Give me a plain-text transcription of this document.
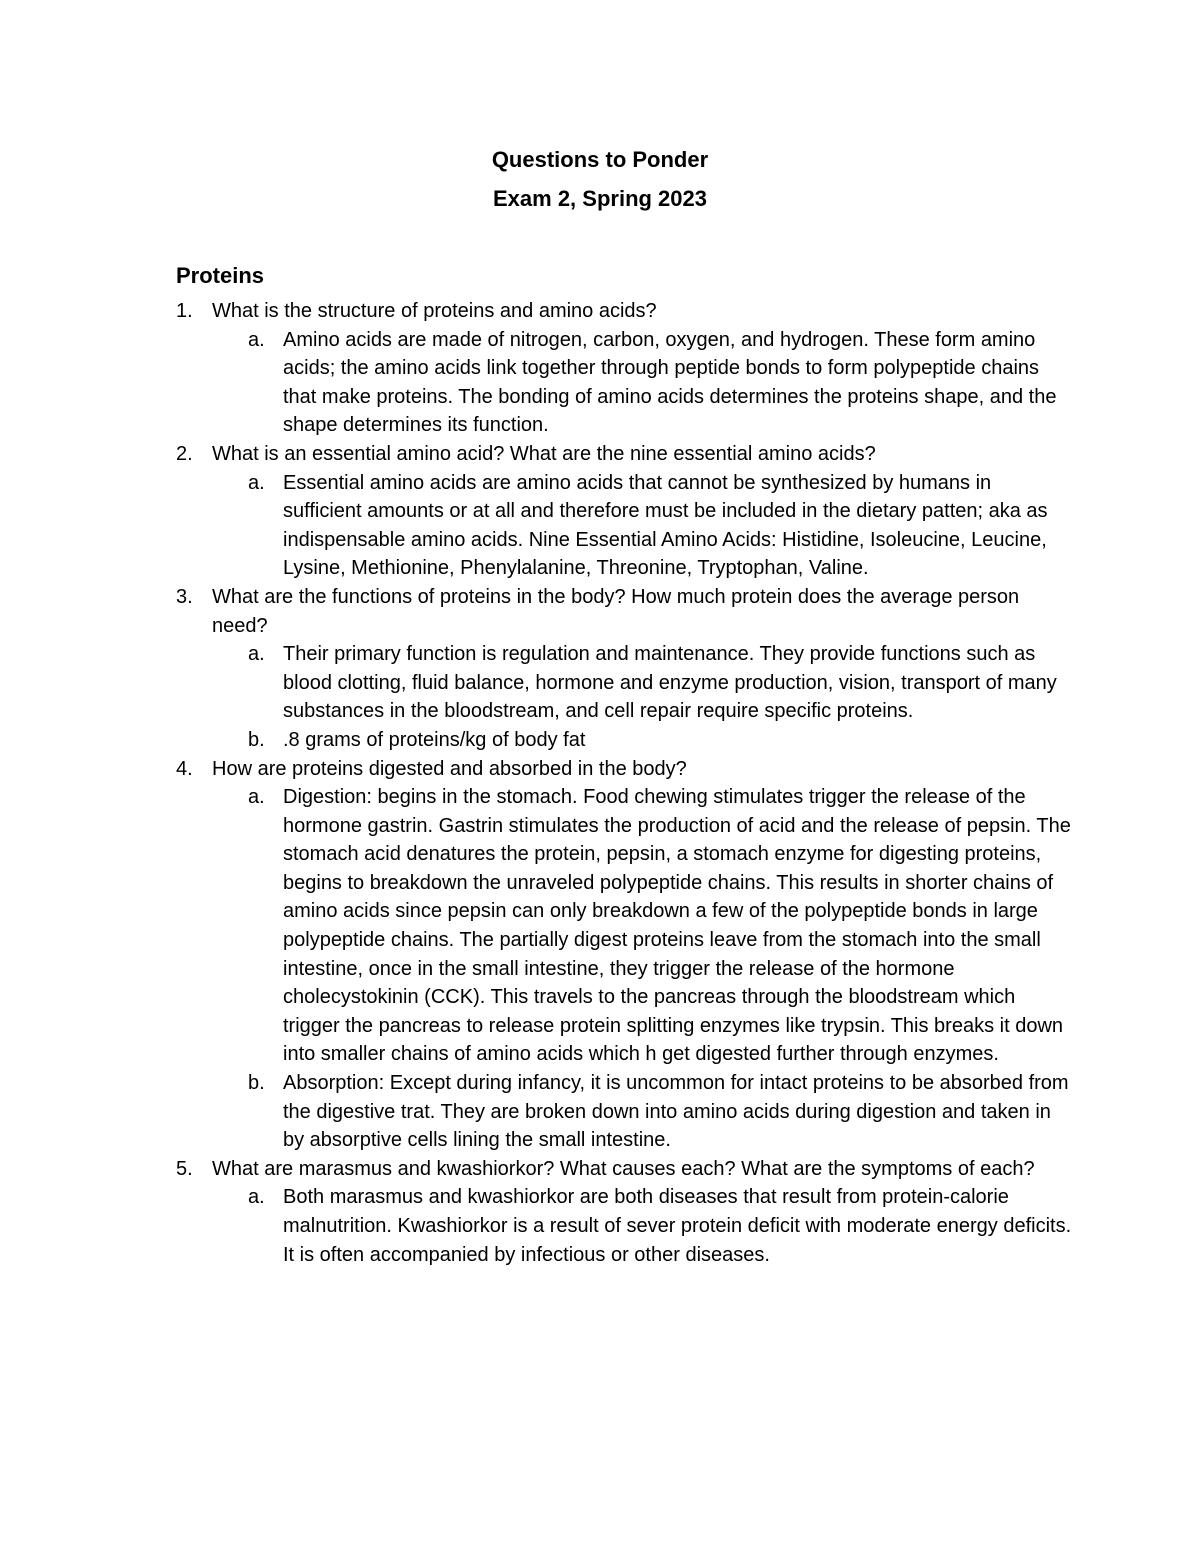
Questions to Ponder
Exam 2, Spring 2023
Proteins
1. What is the structure of proteins and amino acids?
a. Amino acids are made of nitrogen, carbon, oxygen, and hydrogen. These form amino acids; the amino acids link together through peptide bonds to form polypeptide chains that make proteins. The bonding of amino acids determines the proteins shape, and the shape determines its function.
2. What is an essential amino acid? What are the nine essential amino acids?
a. Essential amino acids are amino acids that cannot be synthesized by humans in sufficient amounts or at all and therefore must be included in the dietary patten; aka as indispensable amino acids. Nine Essential Amino Acids: Histidine, Isoleucine, Leucine, Lysine, Methionine, Phenylalanine, Threonine, Tryptophan, Valine.
3. What are the functions of proteins in the body? How much protein does the average person need?
a. Their primary function is regulation and maintenance. They provide functions such as blood clotting, fluid balance, hormone and enzyme production, vision, transport of many substances in the bloodstream, and cell repair require specific proteins.
b. .8 grams of proteins/kg of body fat
4. How are proteins digested and absorbed in the body?
a. Digestion: begins in the stomach. Food chewing stimulates trigger the release of the hormone gastrin. Gastrin stimulates the production of acid and the release of pepsin. The stomach acid denatures the protein, pepsin, a stomach enzyme for digesting proteins, begins to breakdown the unraveled polypeptide chains. This results in shorter chains of amino acids since pepsin can only breakdown a few of the polypeptide bonds in large polypeptide chains. The partially digest proteins leave from the stomach into the small intestine, once in the small intestine, they trigger the release of the hormone cholecystokinin (CCK). This travels to the pancreas through the bloodstream which trigger the pancreas to release protein splitting enzymes like trypsin. This breaks it down into smaller chains of amino acids which h get digested further through enzymes.
b. Absorption: Except during infancy, it is uncommon for intact proteins to be absorbed from the digestive trat. They are broken down into amino acids during digestion and taken in by absorptive cells lining the small intestine.
5. What are marasmus and kwashiorkor? What causes each? What are the symptoms of each?
a. Both marasmus and kwashiorkor are both diseases that result from protein-calorie malnutrition. Kwashiorkor is a result of sever protein deficit with moderate energy deficits. It is often accompanied by infectious or other diseases.
